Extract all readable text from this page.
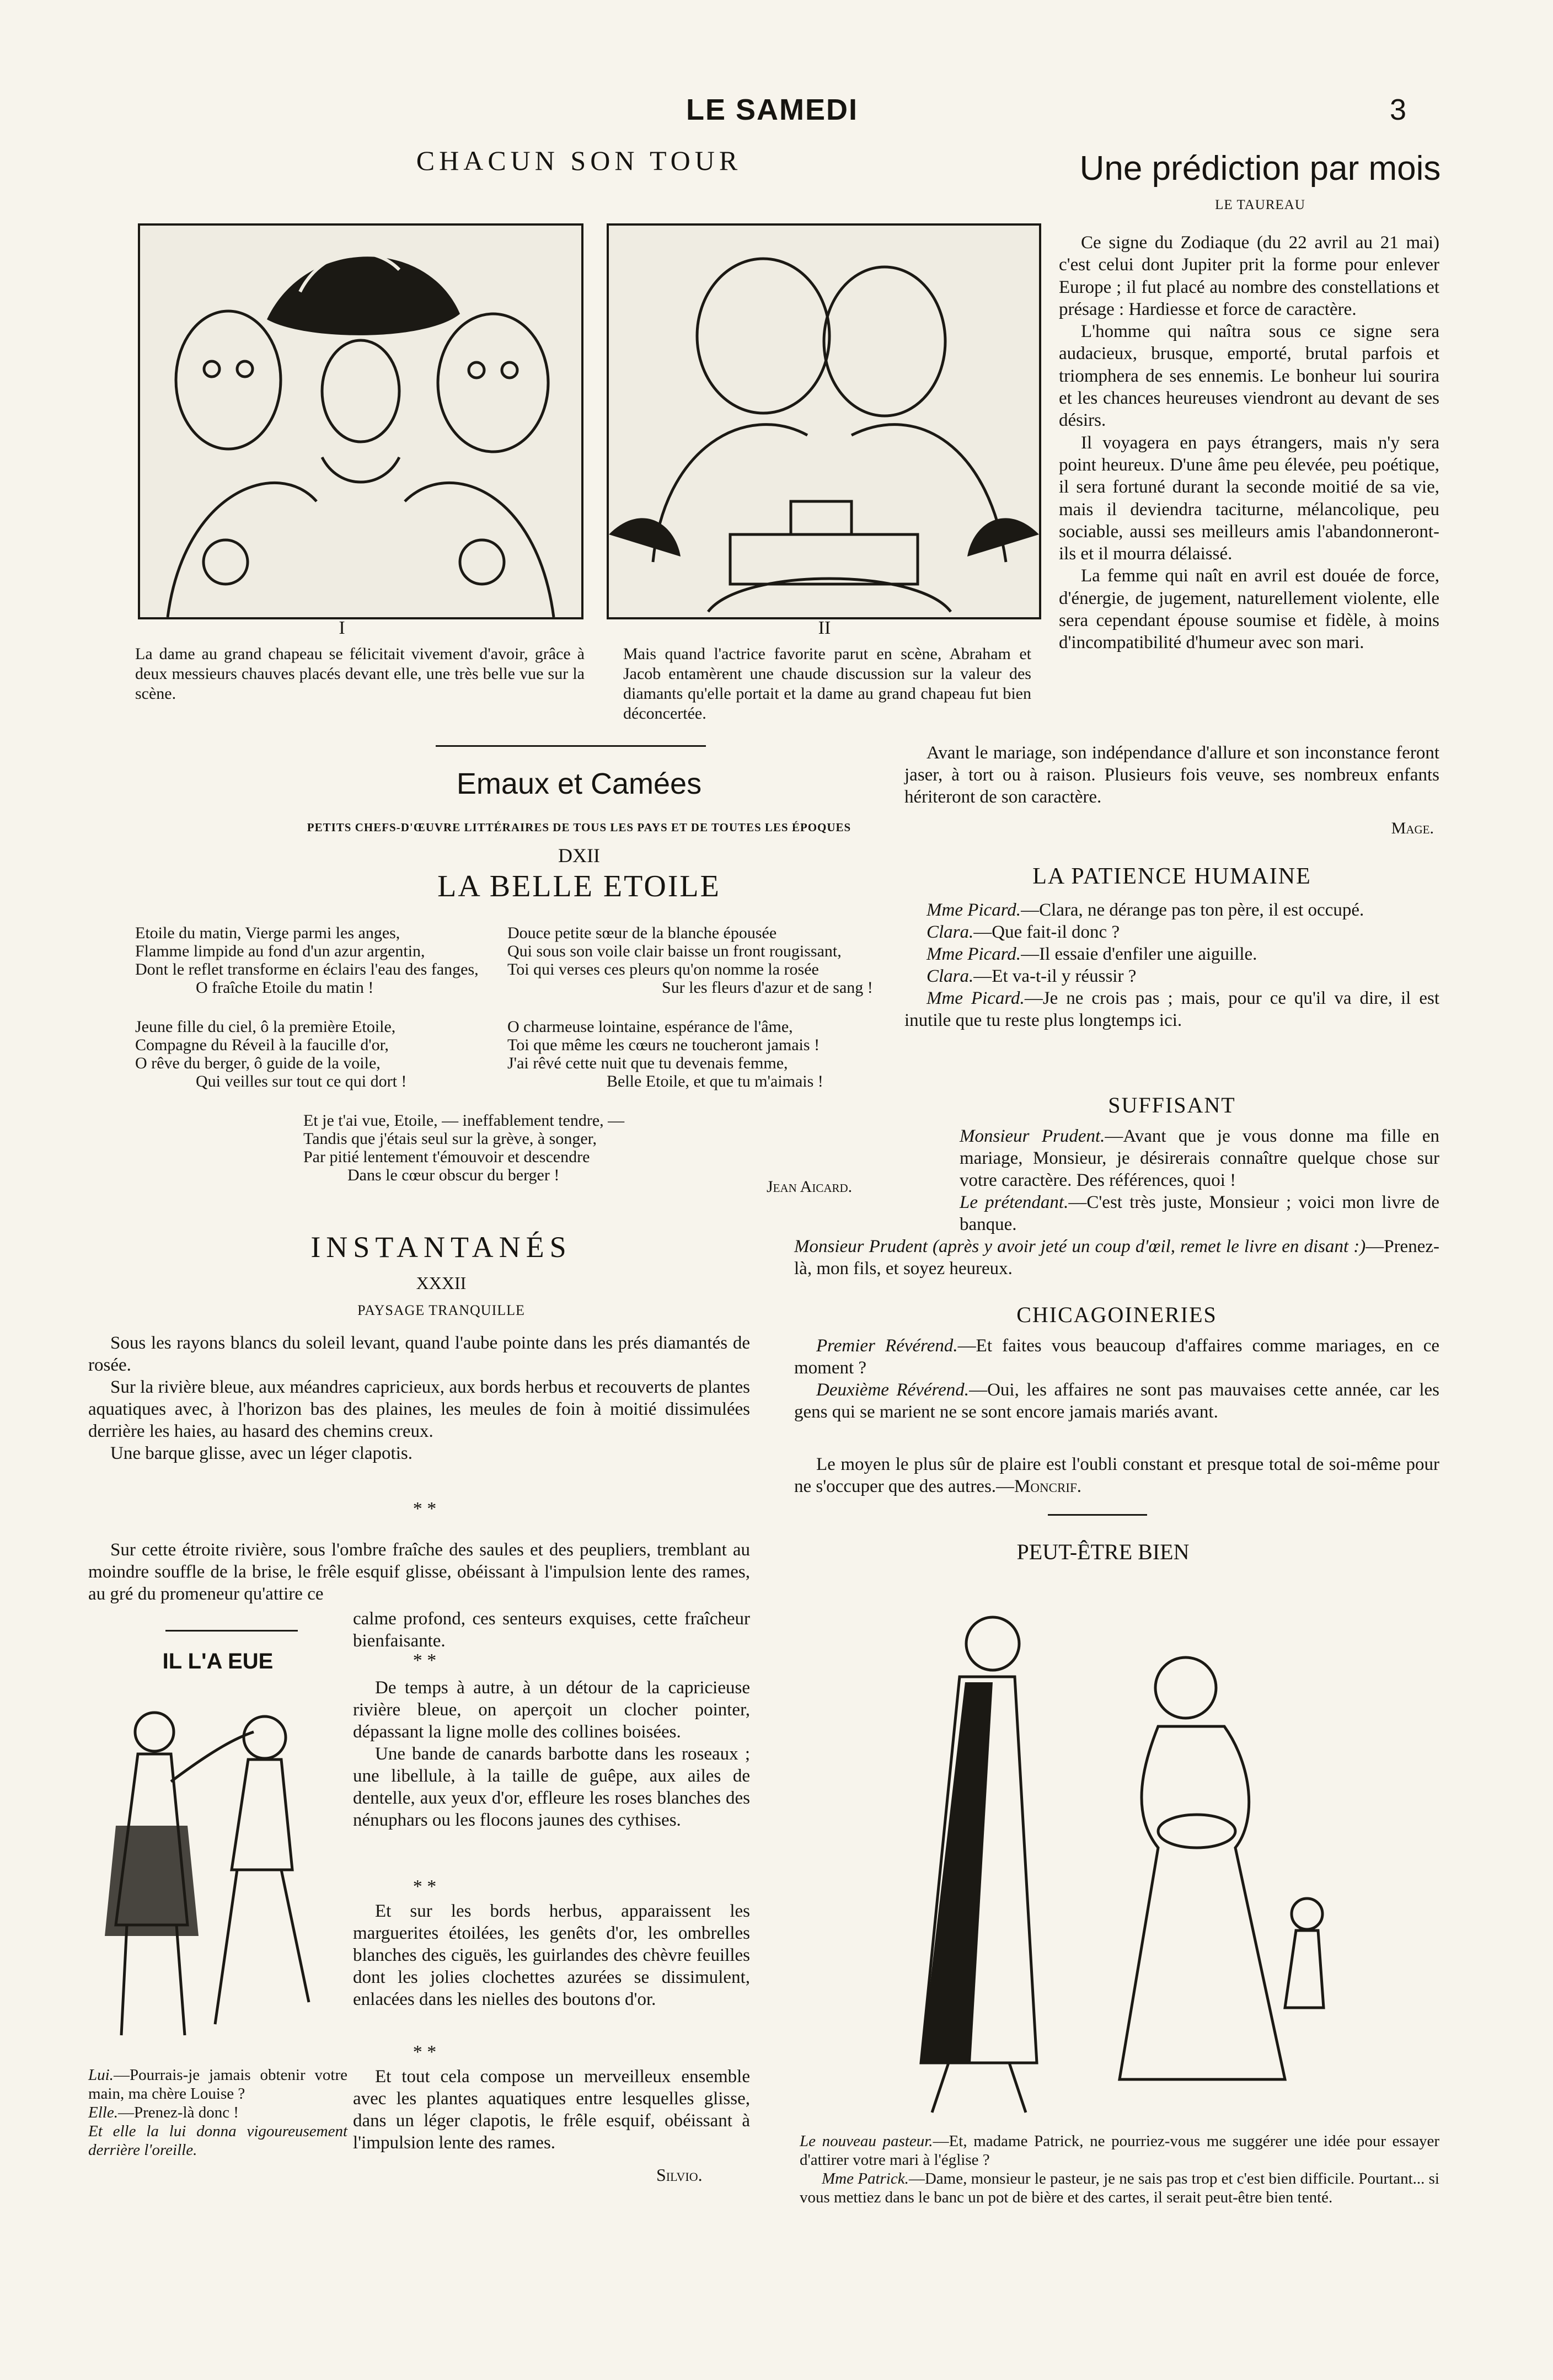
LE SAMEDI	3
CHACUN SON TOUR
I	II

La dame au grand chapeau se félicitait vivement d'avoir, grâce à deux messieurs chauves placés devant elle, une très belle vue sur la scène.

Mais quand l'actrice favorite parut en scène, Abraham et Jacob entamèrent une chaude discussion sur la valeur des diamants qu'elle portait et la dame au grand chapeau fut bien déconcertée.

Une prédiction par mois
LE TAUREAU

Ce signe du Zodiaque (du 22 avril au 21 mai) c'est celui dont Jupiter prit la forme pour enlever Europe ; il fut placé au nombre des constellations et présage : Hardiesse et force de caractère.

L'homme qui naîtra sous ce signe sera audacieux, brusque, emporté, brutal parfois et triomphera de ses ennemis. Le bonheur lui sourira et les chances heureuses viendront au devant de ses désirs.

Il voyagera en pays étrangers, mais n'y sera point heureux. D'une âme peu élevée, peu poétique, il sera fortuné durant la seconde moitié de sa vie, mais il deviendra taciturne, mélancolique, peu sociable, aussi ses meilleurs amis l'abandonneront-ils et il mourra délaissé.

La femme qui naît en avril est douée de force, d'énergie, de jugement, naturellement violente, elle sera cependant épouse soumise et fidèle, à moins d'incompatibilité d'humeur avec son mari.

Avant le mariage, son indépendance d'allure et son inconstance feront jaser, à tort ou à raison. Plusieurs fois veuve, ses nombreux enfants hériteront de son caractère.

Mage.
Emaux et Camées
PETITS CHEFS-D'ŒUVRE LITTÉRAIRES DE TOUS LES PAYS ET DE TOUTES LES ÉPOQUES
DXII
LA BELLE ETOILE

Etoile du matin, Vierge parmi les anges,

Flamme limpide au fond d'un azur argentin,

Dont le reflet transforme en éclairs l'eau des fanges,

O fraîche Etoile du matin !

Jeune fille du ciel, ô la première Etoile,

Compagne du Réveil à la faucille d'or,

O rêve du berger, ô guide de la voile,

Qui veilles sur tout ce qui dort !

Douce petite sœur de la blanche épousée

Qui sous son voile clair baisse un front rougissant,

Toi qui verses ces pleurs qu'on nomme la rosée

Sur les fleurs d'azur et de sang !

O charmeuse lointaine, espérance de l'âme,

Toi que même les cœurs ne toucheront jamais !

J'ai rêvé cette nuit que tu devenais femme,

Belle Etoile, et que tu m'aimais !

Et je t'ai vue, Etoile, — ineffablement tendre, —

Tandis que j'étais seul sur la grève, à songer,

Par pitié lentement t'émouvoir et descendre

Dans le cœur obscur du berger !

Jean Aicard.
LA PATIENCE HUMAINE

Mme Picard.—Clara, ne dérange pas ton père, il est occupé.

Clara.—Que fait-il donc ?

Mme Picard.—Il essaie d'enfiler une aiguille.

Clara.—Et va-t-il y réussir ?

Mme Picard.—Je ne crois pas ; mais, pour ce qu'il va dire, il est inutile que tu reste plus longtemps ici.

SUFFISANT

Monsieur Prudent.—Avant que je vous donne ma fille en mariage, Monsieur, je désirerais connaître quelque chose sur votre caractère. Des références, quoi !

Le prétendant.—C'est très juste, Monsieur ; voici mon livre de banque.

Monsieur Prudent (après y avoir jeté un coup d'œil, remet le livre en disant :)—Prenez-là, mon fils, et soyez heureux.

CHICAGOINERIES

Premier Révérend.—Et faites vous beaucoup d'affaires comme mariages, en ce moment ?

Deuxième Révérend.—Oui, les affaires ne sont pas mauvaises cette année, car les gens qui se marient ne se sont encore jamais mariés avant.

Le moyen le plus sûr de plaire est l'oubli constant et presque total de soi-même pour ne s'occuper que des autres.—Moncrif.

INSTANTANÉS
XXXII
PAYSAGE TRANQUILLE

Sous les rayons blancs du soleil levant, quand l'aube pointe dans les prés diamantés de rosée.

Sur la rivière bleue, aux méandres capricieux, aux bords herbus et recouverts de plantes aquatiques avec, à l'horizon bas des plaines, les meules de foin à moitié dissimulées derrière les haies, au hasard des chemins creux.

Une barque glisse, avec un léger clapotis.

* *

Sur cette étroite rivière, sous l'ombre fraîche des saules et des peupliers, tremblant au moindre souffle de la brise, le frêle esquif glisse, obéissant à l'impulsion lente des rames, au gré du promeneur qu'attire ce

calme profond, ces senteurs exquises, cette fraîcheur bienfaisante.

* *

De temps à autre, à un détour de la capricieuse rivière bleue, on aperçoit un clocher pointer, dépassant la ligne molle des collines boisées.

Une bande de canards barbotte dans les roseaux ; une libellule, à la taille de guêpe, aux ailes de dentelle, aux yeux d'or, effleure les roses blanches des nénuphars ou les flocons jaunes des cythises.

* *

Et sur les bords herbus, apparaissent les marguerites étoilées, les genêts d'or, les ombrelles blanches des ciguës, les guirlandes des chèvre feuilles dont les jolies clochettes azurées se dissimulent, enlacées dans les nielles des boutons d'or.

* *

Et tout cela compose un merveilleux ensemble avec les plantes aquatiques entre lesquelles glisse, dans un léger clapotis, le frêle esquif, obéissant à l'impulsion lente des rames.

Silvio.
IL L'A EUE

Lui.—Pourrais-je jamais obtenir votre main, ma chère Louise ?

Elle.—Prenez-là donc !

Et elle la lui donna vigoureusement derrière l'oreille.

PEUT-ÊTRE BIEN

Le nouveau pasteur.—Et, madame Patrick, ne pourriez-vous me suggérer une idée pour essayer d'attirer votre mari à l'église ?

Mme Patrick.—Dame, monsieur le pasteur, je ne sais pas trop et c'est bien difficile. Pourtant... si vous mettiez dans le banc un pot de bière et des cartes, il serait peut-être bien tenté.
